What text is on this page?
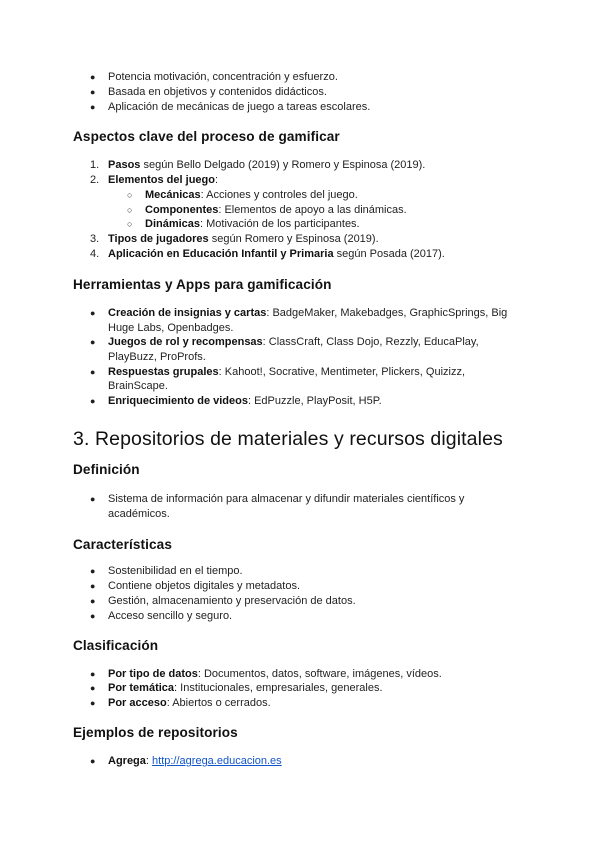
● Potencia motivación, concentración y esfuerzo.
● Basada en objetivos y contenidos didácticos.
● Aplicación de mecánicas de juego a tareas escolares.
Aspectos clave del proceso de gamificar
1. Pasos según Bello Delgado (2019) y Romero y Espinosa (2019).
2. Elementos del juego:
○ Mecánicas: Acciones y controles del juego.
○ Componentes: Elementos de apoyo a las dinámicas.
○ Dinámicas: Motivación de los participantes.
3. Tipos de jugadores según Romero y Espinosa (2019).
4. Aplicación en Educación Infantil y Primaria según Posada (2017).
Herramientas y Apps para gamificación
● Creación de insignias y cartas: BadgeMaker, Makebadges, GraphicSprings, Big
Huge Labs, Openbadges.
● Juegos de rol y recompensas: ClassCraft, Class Dojo, Rezzly, EducaPlay,
PlayBuzz, ProProfs.
● Respuestas grupales: Kahoot!, Socrative, Mentimeter, Plickers, Quizizz,
BrainScape.
● Enriquecimiento de videos: EdPuzzle, PlayPosit, H5P.
3. Repositorios de materiales y recursos digitales
Definición
● Sistema de información para almacenar y difundir materiales científicos y
académicos.
Características
● Sostenibilidad en el tiempo.
● Contiene objetos digitales y metadatos.
● Gestión, almacenamiento y preservación de datos.
● Acceso sencillo y seguro.
Clasificación
● Por tipo de datos: Documentos, datos, software, imágenes, vídeos.
● Por temática: Institucionales, empresariales, generales.
● Por acceso: Abiertos o cerrados.
Ejemplos de repositorios
● Agrega: http://agrega.educacion.es
